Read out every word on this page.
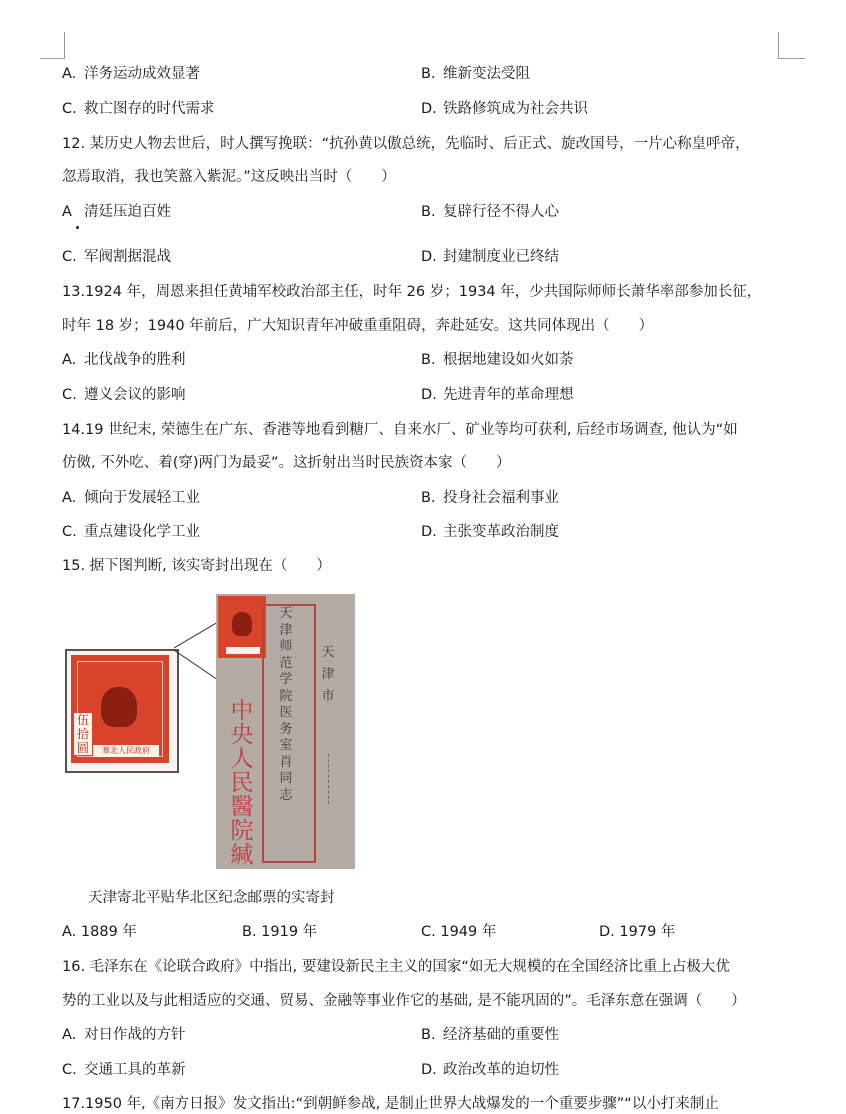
A. 洋务运动成效显著	B. 维新变法受阻
C. 救亡图存的时代需求	D. 铁路修筑成为社会共识
12. 某历史人物去世后，时人撰写挽联：“抗孙黄以傲总统，先临时、后正式、旋改国号，一片心称皇呼帝，
忽焉取消，我也笑盩入紫泥。”这反映出当时（　　）
A 清廷压迫百姓	B. 复辟行径不得人心
C. 军阀割据混战	D. 封建制度业已终结
13.1924 年，周恩来担任黄埔军校政治部主任，时年 26 岁；1934 年，少共国际师师长萧华率部参加长征，
时年 18 岁；1940 年前后，广大知识青年冲破重重阻碍，奔赴延安。这共同体现出（　　）
A. 北伐战争的胜利	B. 根据地建设如火如荼
C. 遵义会议的影响	D. 先进青年的革命理想
14.19 世纪末, 荣德生在广东、香港等地看到糖厂、自来水厂、矿业等均可获利, 后经市场调查, 他认为“如
仿傚, 不外吃、着(穿)两门为最妥”。这折射出当时民族资本家（　　）
A. 倾向于发展轻工业	B. 投身社会福利事业
C. 重点建设化学工业	D. 主张变革政治制度
15. 据下图判断, 该实寄封出现在（　　）
伍拾圆	華北人民政府
中央人民醫院緘
天津师范学院医务室肖同志
天津市
天津寄北平贴华北区纪念邮票的实寄封
A. 1889 年	B. 1919 年	C. 1949 年	D. 1979 年
16. 毛泽东在《论联合政府》中指出, 要建设新民主主义的国家“如无大规模的在全国经济比重上占极大优
势的工业以及与此相适应的交通、贸易、金融等事业作它的基础, 是不能巩固的”。毛泽东意在强调（　　）
A. 对日作战的方针	B. 经济基础的重要性
C. 交通工具的革新	D. 政治改革的迫切性
17.1950 年,《南方日报》发文指出:“到朝鲜参战, 是制止世界大战爆发的一个重要步骤”“以小打来制止
